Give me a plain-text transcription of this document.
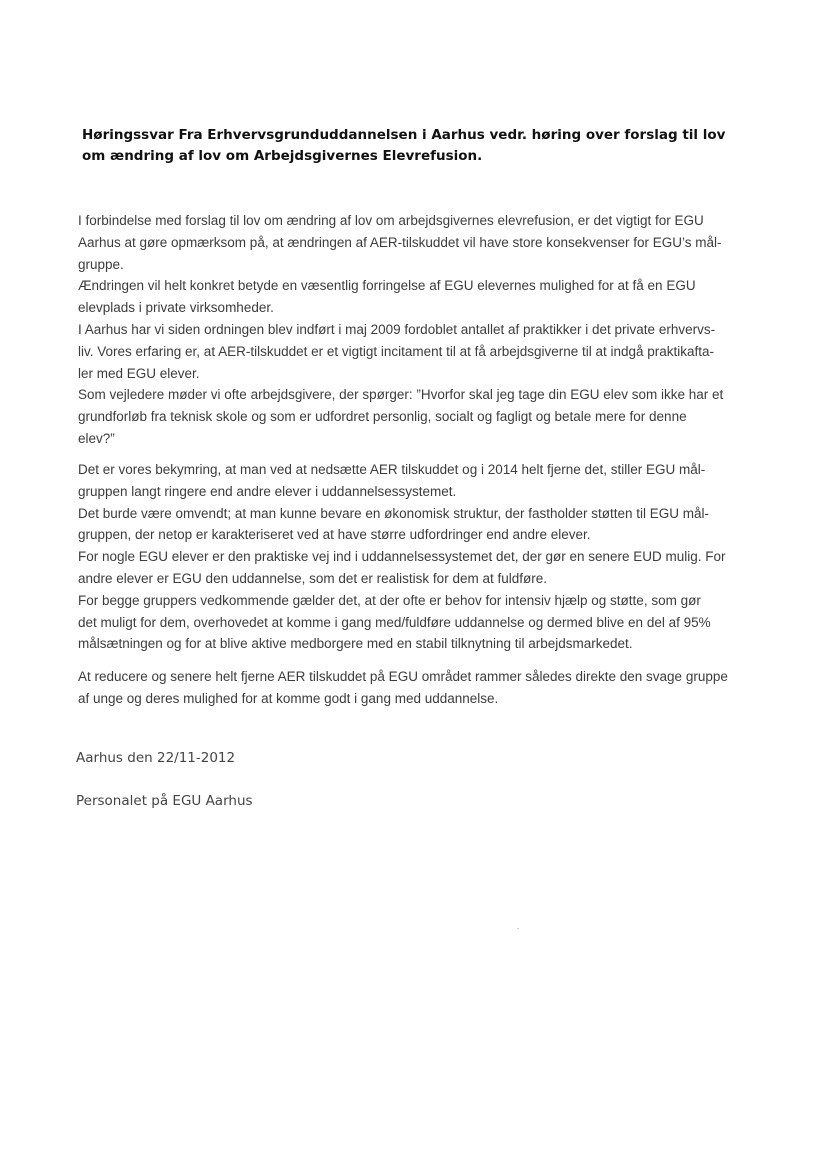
Høringssvar Fra Erhvervsgrunduddannelsen i Aarhus vedr. høring over forslag til lov
om ændring af lov om Arbejdsgivernes Elevrefusion.

I forbindelse med forslag til lov om ændring af lov om arbejdsgivernes elevrefusion, er det vigtigt for EGU
Aarhus at gøre opmærksom på, at ændringen af AER-tilskuddet vil have store konsekvenser for EGU’s mål-
gruppe.
Ændringen vil helt konkret betyde en væsentlig forringelse af EGU elevernes mulighed for at få en EGU
elevplads i private virksomheder.
I Aarhus har vi siden ordningen blev indført i maj 2009 fordoblet antallet af praktikker i det private erhvervs-
liv. Vores erfaring er, at AER-tilskuddet er et vigtigt incitament til at få arbejdsgiverne til at indgå praktikafta-
ler med EGU elever.
Som vejledere møder vi ofte arbejdsgivere, der spørger: ”Hvorfor skal jeg tage din EGU elev som ikke har et
grundforløb fra teknisk skole og som er udfordret personlig, socialt og fagligt og betale mere for denne
elev?”

Det er vores bekymring, at man ved at nedsætte AER tilskuddet og i 2014 helt fjerne det, stiller EGU mål-
gruppen langt ringere end andre elever i uddannelsessystemet.
Det burde være omvendt; at man kunne bevare en økonomisk struktur, der fastholder støtten til EGU mål-
gruppen, der netop er karakteriseret ved at have større udfordringer end andre elever.
For nogle EGU elever er den praktiske vej ind i uddannelsessystemet det, der gør en senere EUD mulig. For
andre elever er EGU den uddannelse, som det er realistisk for dem at fuldføre.
For begge gruppers vedkommende gælder det, at der ofte er behov for intensiv hjælp og støtte, som gør
det muligt for dem, overhovedet at komme i gang med/fuldføre uddannelse og dermed blive en del af 95%
målsætningen og for at blive aktive medborgere med en stabil tilknytning til arbejdsmarkedet.

At reducere og senere helt fjerne AER tilskuddet på EGU området rammer således direkte den svage gruppe
af unge og deres mulighed for at komme godt i gang med uddannelse.

Aarhus den 22/11-2012

Personalet på EGU Aarhus
